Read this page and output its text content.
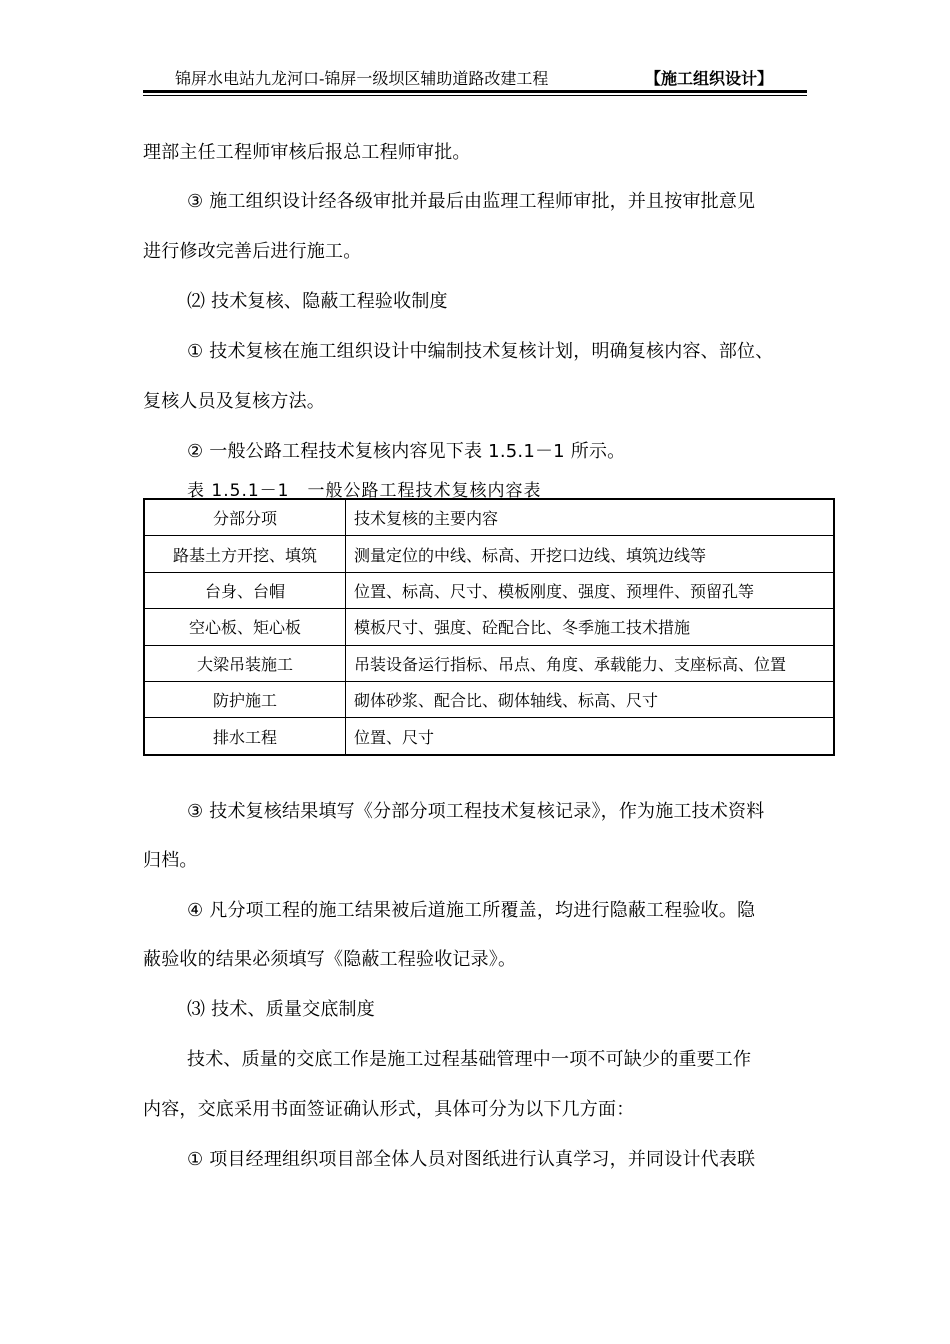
锦屏水电站九龙河口-锦屏一级坝区辅助道路改建工程	【施工组织设计】
理部主任工程师审核后报总工程师审批。
③ 施工组织设计经各级审批并最后由监理工程师审批，并且按审批意见
进行修改完善后进行施工。
⑵ 技术复核、隐蔽工程验收制度
① 技术复核在施工组织设计中编制技术复核计划，明确复核内容、部位、
复核人员及复核方法。
② 一般公路工程技术复核内容见下表 1.5.1－1 所示。
表 1.5.1－1　一般公路工程技术复核内容表
分部分项	技术复核的主要内容
路基土方开挖、填筑	测量定位的中线、标高、开挖口边线、填筑边线等
台身、台帽	位置、标高、尺寸、模板刚度、强度、预埋件、预留孔等
空心板、矩心板	模板尺寸、强度、砼配合比、冬季施工技术措施
大梁吊装施工	吊装设备运行指标、吊点、角度、承载能力、支座标高、位置
防护施工	砌体砂浆、配合比、砌体轴线、标高、尺寸
排水工程	位置、尺寸
③ 技术复核结果填写《分部分项工程技术复核记录》，作为施工技术资料
归档。
④ 凡分项工程的施工结果被后道施工所覆盖，均进行隐蔽工程验收。隐
蔽验收的结果必须填写《隐蔽工程验收记录》。
⑶ 技术、质量交底制度
技术、质量的交底工作是施工过程基础管理中一项不可缺少的重要工作
内容，交底采用书面签证确认形式，具体可分为以下几方面：
① 项目经理组织项目部全体人员对图纸进行认真学习，并同设计代表联
